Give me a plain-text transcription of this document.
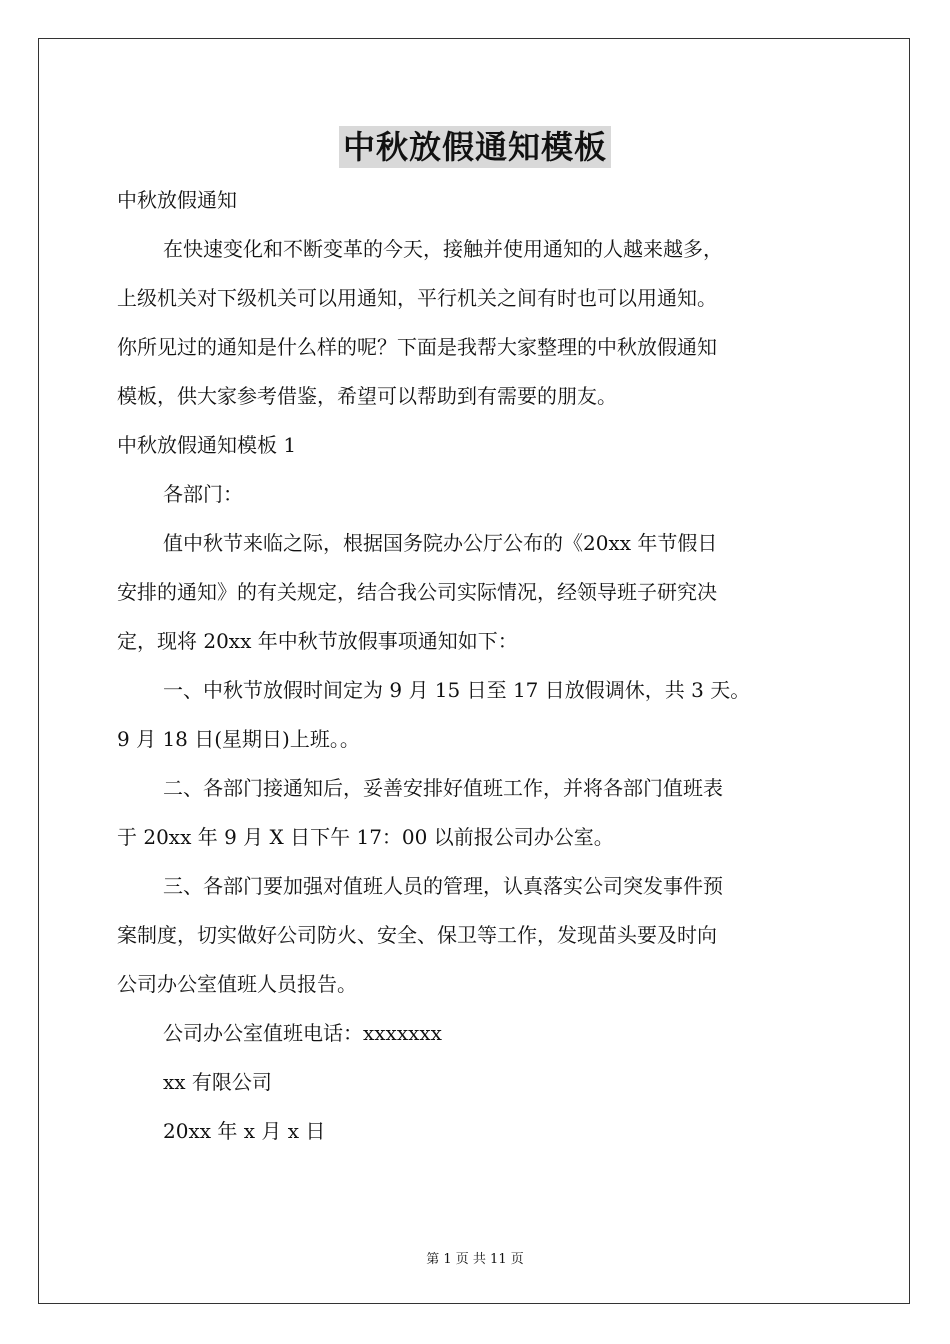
中秋放假通知模板

中秋放假通知

在快速变化和不断变革的今天，接触并使用通知的人越来越多，

上级机关对下级机关可以用通知，平行机关之间有时也可以用通知。

你所见过的通知是什么样的呢？下面是我帮大家整理的中秋放假通知

模板，供大家参考借鉴，希望可以帮助到有需要的朋友。

中秋放假通知模板 1

各部门：

值中秋节来临之际，根据国务院办公厅公布的《20xx 年节假日

安排的通知》的有关规定，结合我公司实际情况，经领导班子研究决

定，现将 20xx 年中秋节放假事项通知如下：

一、中秋节放假时间定为 9 月 15 日至 17 日放假调休，共 3 天。

9 月 18 日(星期日)上班。。

二、各部门接通知后，妥善安排好值班工作，并将各部门值班表

于 20xx 年 9 月 X 日下午 17：00 以前报公司办公室。

三、各部门要加强对值班人员的管理，认真落实公司突发事件预

案制度，切实做好公司防火、安全、保卫等工作，发现苗头要及时向

公司办公室值班人员报告。

公司办公室值班电话：xxxxxxx

xx 有限公司

20xx 年 x 月 x 日

第 1 页 共 11 页
